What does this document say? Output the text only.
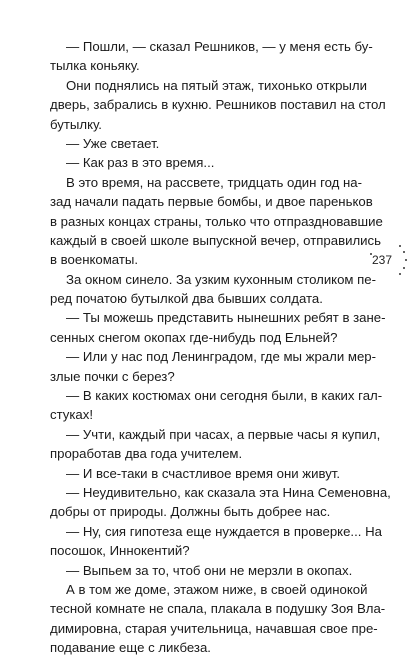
— Пошли, — сказал Решников, — у меня есть бу-
тылка коньяку.
Они поднялись на пятый этаж, тихонько открыли
дверь, забрались в кухню. Решников поставил на стол
бутылку.
— Уже светает.
— Как раз в это время...
В это время, на рассвете, тридцать один год на-
зад начали падать первые бомбы, и двое пареньков
в разных концах страны, только что отпраздновавшие
каждый в своей школе выпускной вечер, отправились
в военкоматы.
За окном синело. За узким кухонным столиком пе-
ред початою бутылкой два бывших солдата.
— Ты можешь представить нынешних ребят в зане-
сенных снегом окопах где-нибудь под Ельней?
— Или у нас под Ленинградом, где мы жрали мер-
злые почки с берез?
— В каких костюмах они сегодня были, в каких гал-
стуках!
— Учти, каждый при часах, а первые часы я купил,
проработав два года учителем.
— И все-таки в счастливое время они живут.
— Неудивительно, как сказала эта Нина Семеновна,
добры от природы. Должны быть добрее нас.
— Ну, сия гипотеза еще нуждается в проверке... На
посошок, Иннокентий?
— Выпьем за то, чтоб они не мерзли в окопах.
А в том же доме, этажом ниже, в своей одинокой
тесной комнате не спала, плакала в подушку Зоя Вла-
димировна, старая учительница, начавшая свое пре-
подавание еще с ликбеза.
237
